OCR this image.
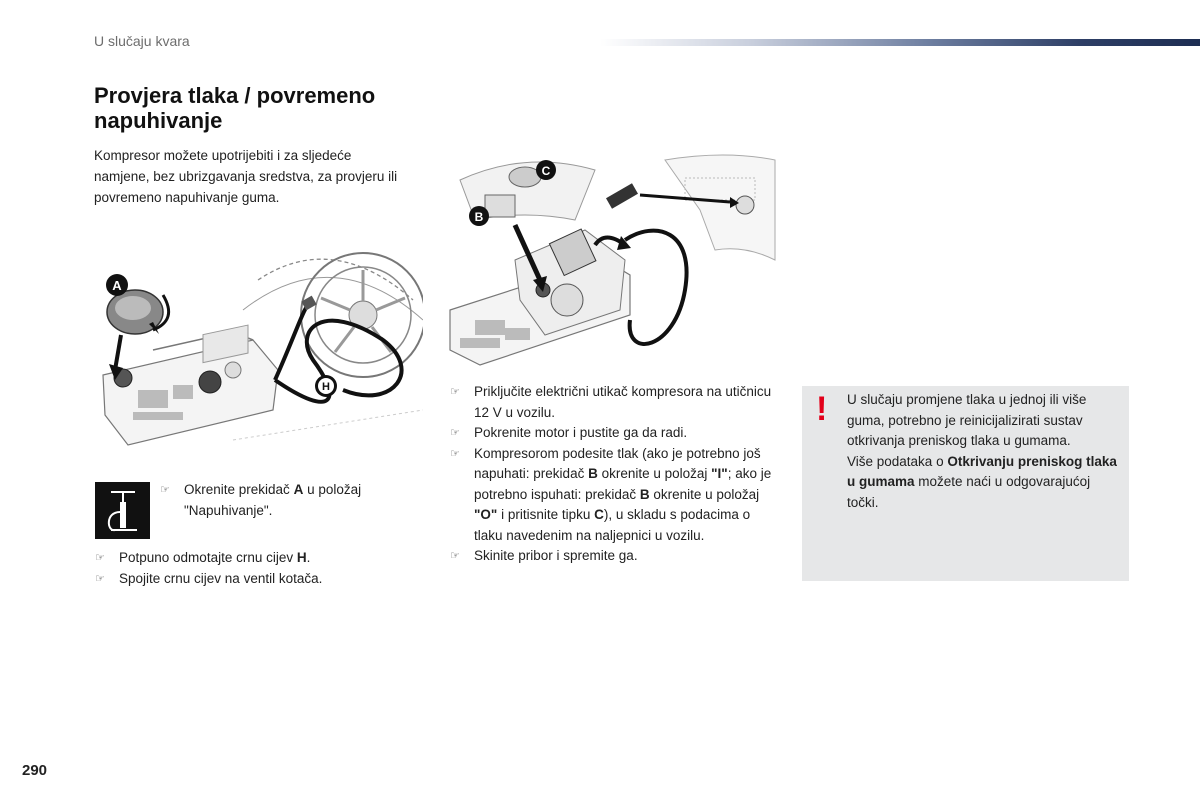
U slučaju kvara
Provjera tlaka / povremeno napuhivanje
Kompresor možete upotrijebiti i za sljedeće namjene, bez ubrizgavanja sredstva, za provjeru ili povremeno napuhivanje guma.
A
H
B
C
☞	Okrenite prekidač A u položaj "Napuhivanje".
☞	Potpuno odmotajte crnu cijev H.
☞	Spojite crnu cijev na ventil kotača.
☞	Priključite električni utikač kompresora na utičnicu 12 V u vozilu.
☞	Pokrenite motor i pustite ga da radi.
☞	Kompresorom podesite tlak (ako je potrebno još napuhati: prekidač B okrenite u položaj "I"; ako je potrebno ispuhati: prekidač B okrenite u položaj "O" i pritisnite tipku C), u skladu s podacima o tlaku navedenim na naljepnici u vozilu.
☞	Skinite pribor i spremite ga.
! U slučaju promjene tlaka u jednoj ili više guma, potrebno je reinicijalizirati sustav otkrivanja preniskog tlaka u gumama.
Više podataka o Otkrivanju preniskog tlaka u gumama možete naći u odgovarajućoj točki.
290
